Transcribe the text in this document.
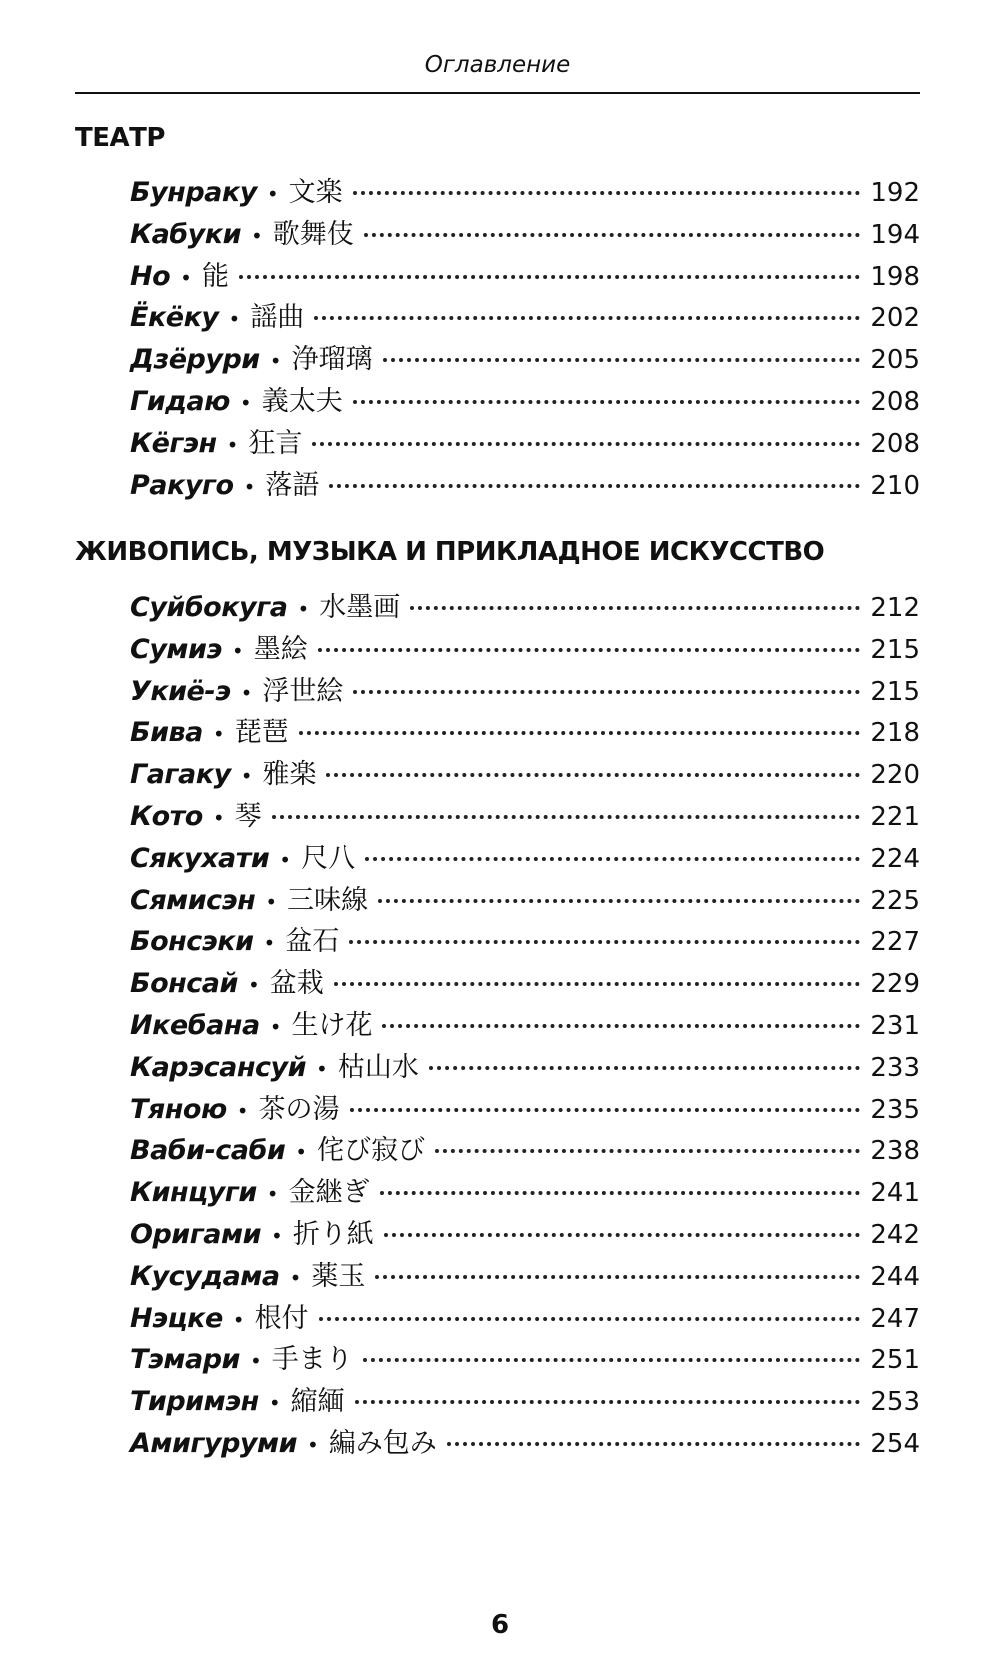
Оглавление
ТЕАТР
Бунраку • 文楽	192
Кабуки • 歌舞伎	194
Но • 能	198
Ёкёку • 謡曲	202
Дзёрури • 浄瑠璃	205
Гидаю • 義太夫	208
Кёгэн • 狂言	208
Ракуго • 落語	210
ЖИВОПИСЬ, МУЗЫКА И ПРИКЛАДНОЕ ИСКУССТВО
Суйбокуга • 水墨画	212
Сумиэ • 墨絵	215
Укиё-э • 浮世絵	215
Бива • 琵琶	218
Гагаку • 雅楽	220
Кото • 琴	221
Сякухати • 尺八	224
Сямисэн • 三味線	225
Бонсэки • 盆石	227
Бонсай • 盆栽	229
Икебана • 生け花	231
Карэсансуй • 枯山水	233
Тяною • 茶の湯	235
Ваби-саби • 侘び寂び	238
Кинцуги • 金継ぎ	241
Оригами • 折り紙	242
Кусудама • 薬玉	244
Нэцке • 根付	247
Тэмари • 手まり	251
Тиримэн • 縮緬	253
Амигуруми • 編み包み	254
6
